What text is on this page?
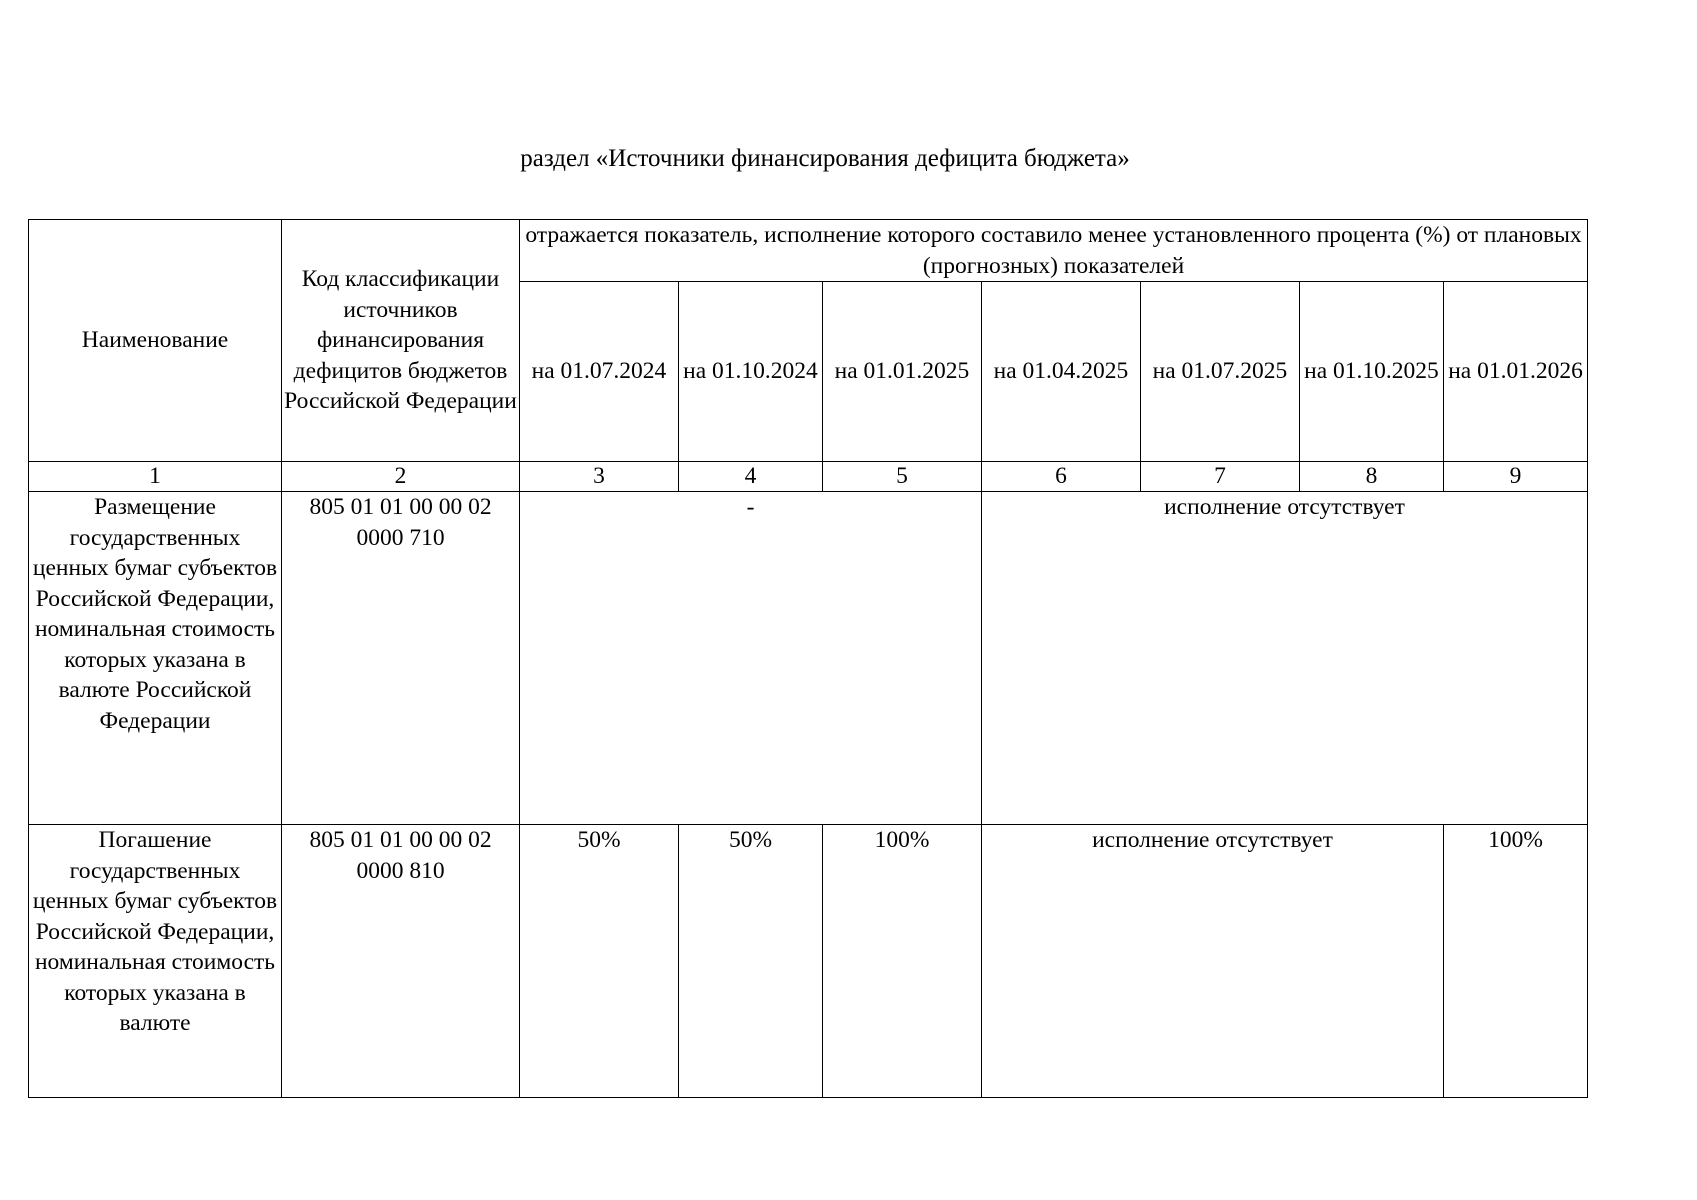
раздел «Источники финансирования дефицита бюджета»
Наименование	Код классификации источников финансирования дефицитов бюджетов Российской Федерации	отражается показатель, исполнение которого составило менее установленного процента (%) от плановых (прогнозных) показателей						
		на 01.07.2024	на 01.10.2024	на 01.01.2025	на 01.04.2025	на 01.07.2025	на 01.10.2025	на 01.01.2026
1	2	3	4	5	6	7	8	9
Размещение государственных ценных бумаг субъектов Российской Федерации, номинальная стоимость которых указана в валюте Российской Федерации	805 01 01 00 00 02 0000 710	-			исполнение отсутствует			

Погашение государственных ценных бумаг субъектов Российской Федерации, номинальная стоимость которых указана в валюте	805 01 01 00 00 02 0000 810	50%	50%	100%	исполнение отсутствует			100%
